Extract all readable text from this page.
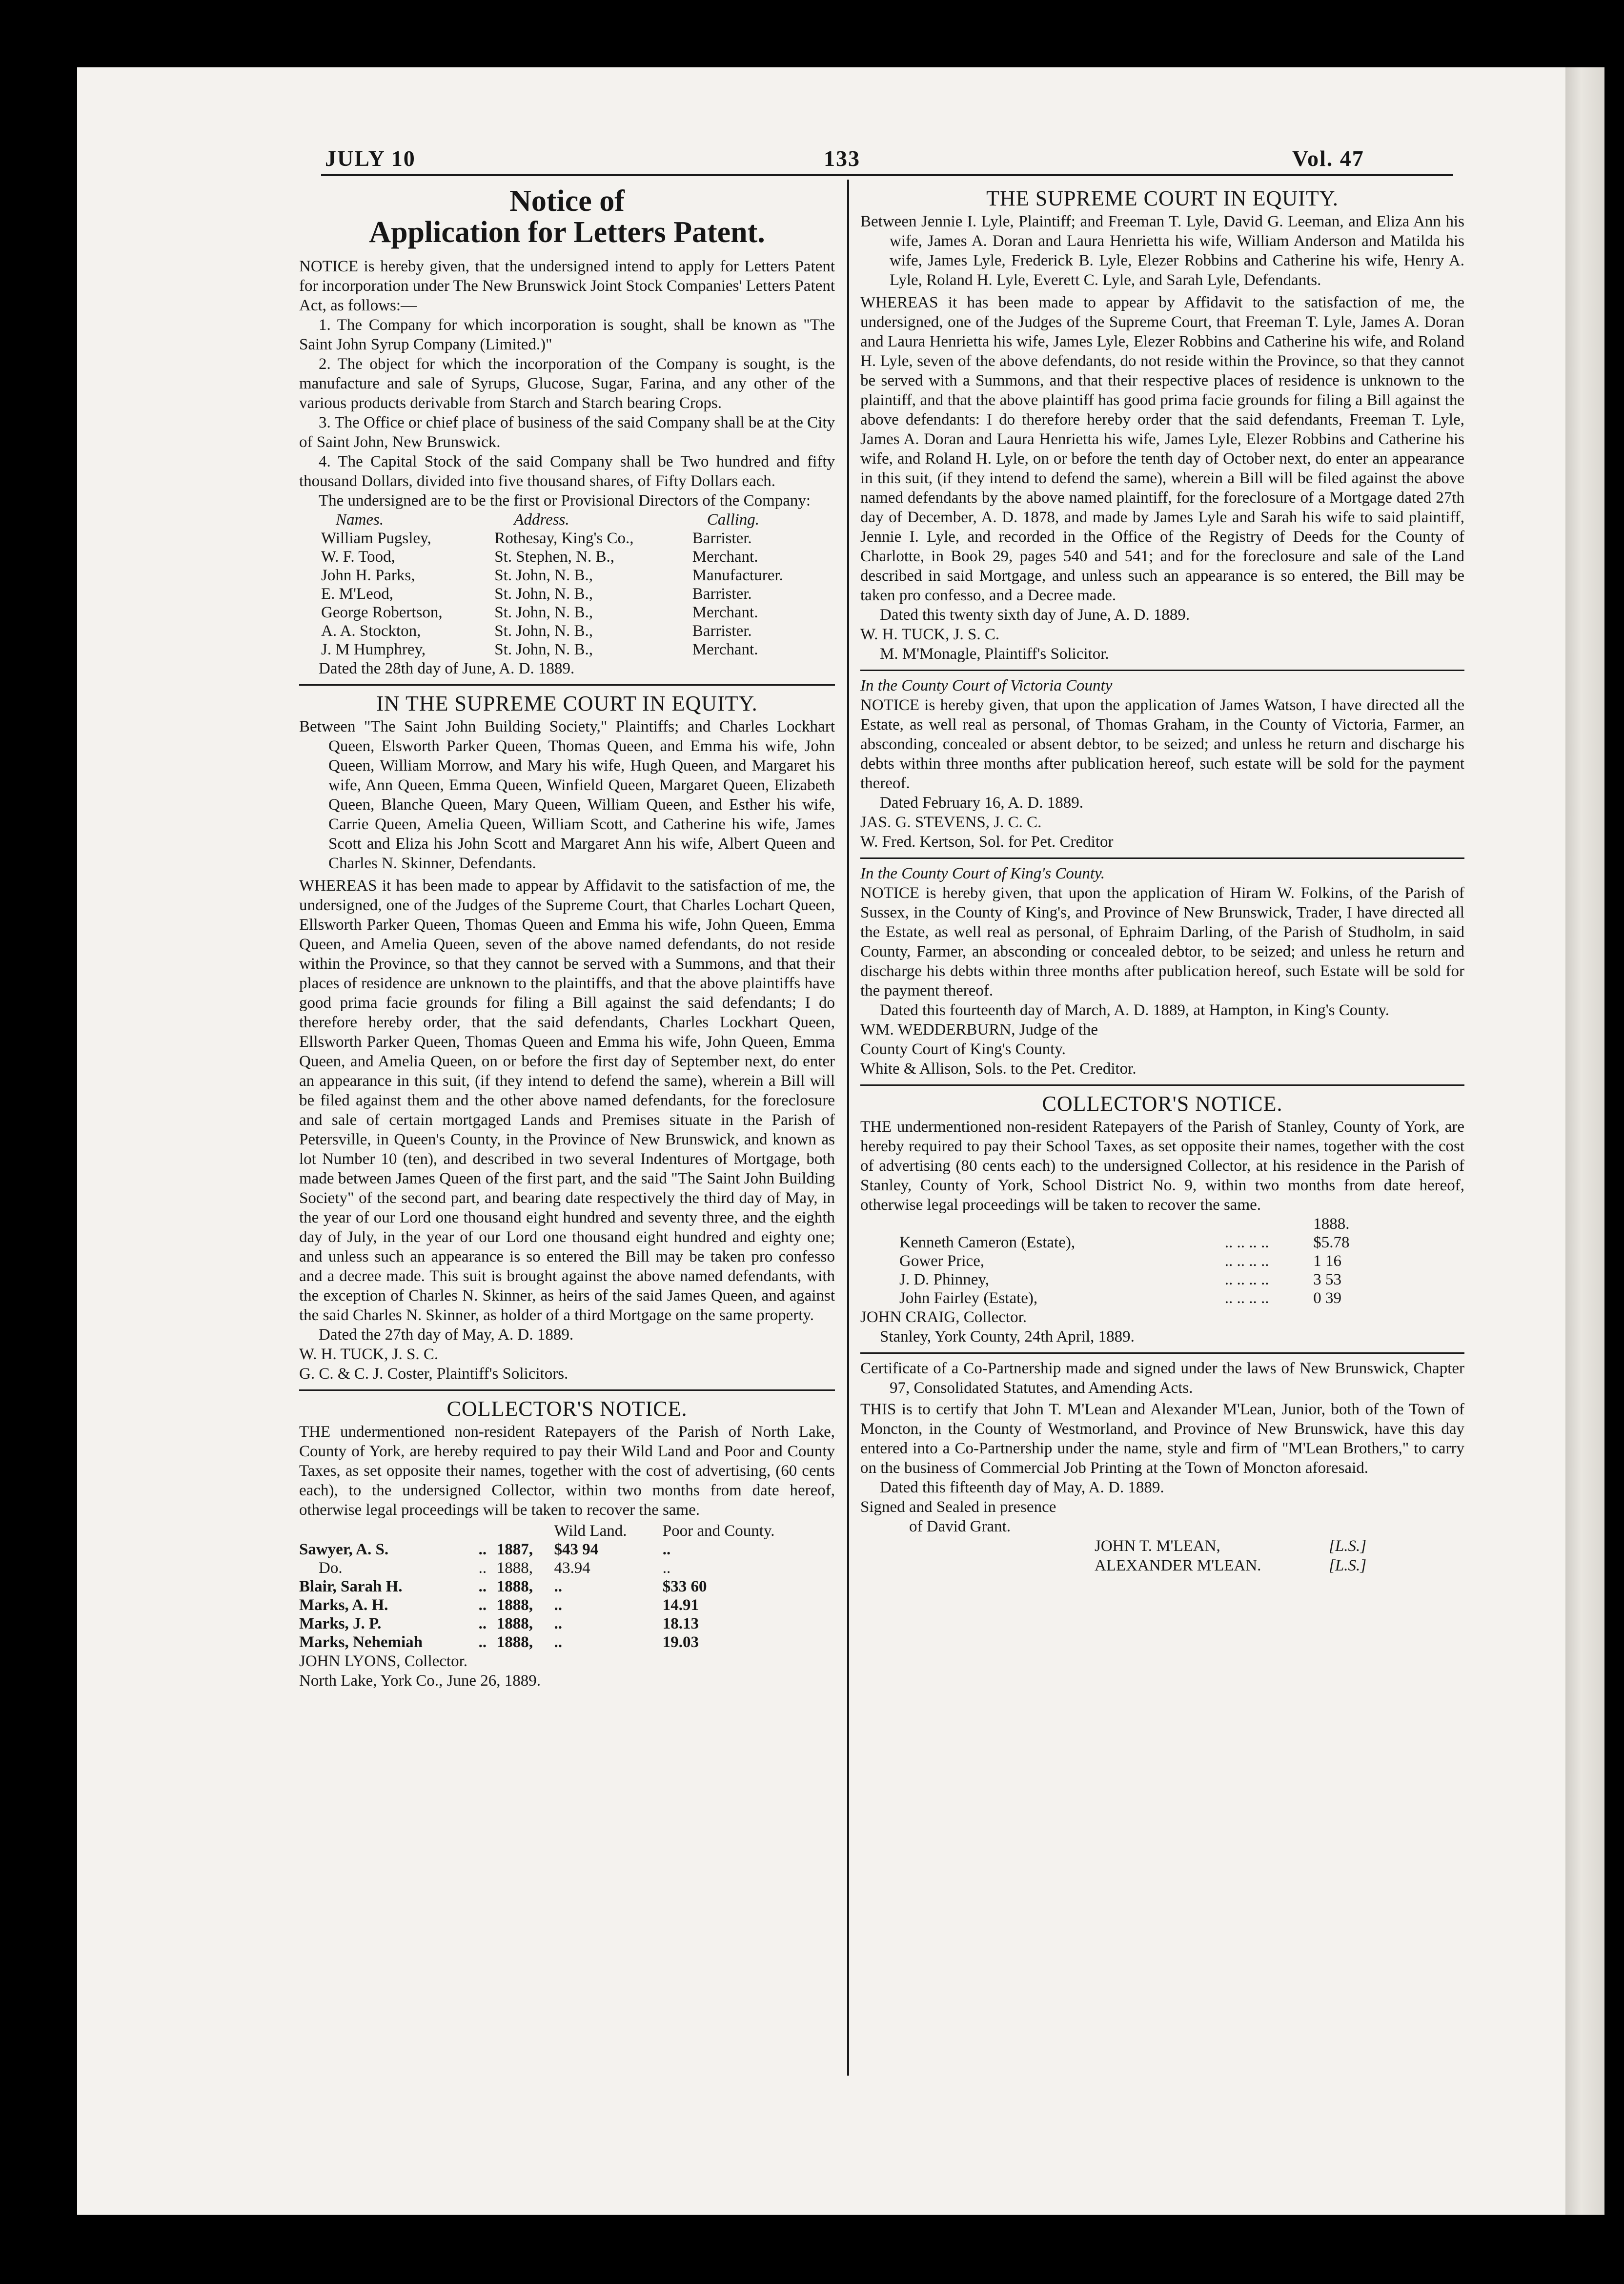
JULY 10	133	Vol. 47
Notice of
Application for Letters Patent.

NOTICE is hereby given, that the undersigned intend to apply for Letters Patent for incorporation under The New Brunswick Joint Stock Companies' Letters Patent Act, as follows:—

1. The Company for which incorporation is sought, shall be known as "The Saint John Syrup Company (Limited.)"

2. The object for which the incorporation of the Company is sought, is the manufacture and sale of Syrups, Glucose, Sugar, Farina, and any other of the various products derivable from Starch and Starch bearing Crops.

3. The Office or chief place of business of the said Company shall be at the City of Saint John, New Brunswick.

4. The Capital Stock of the said Company shall be Two hundred and fifty thousand Dollars, divided into five thousand shares, of Fifty Dollars each.

The undersigned are to be the first or Provisional Directors of the Company:

Names.	Address.	Calling.
William Pugsley,	Rothesay, King's Co.,	Barrister.
W. F. Tood,	St. Stephen, N. B.,	Merchant.
John H. Parks,	St. John, N. B.,	Manufacturer.
E. M'Leod,	St. John, N. B.,	Barrister.
George Robertson,	St. John, N. B.,	Merchant.
A. A. Stockton,	St. John, N. B.,	Barrister.
J. M Humphrey,	St. John, N. B.,	Merchant.

Dated the 28th day of June, A. D. 1889.

IN THE SUPREME COURT IN EQUITY.

Between "The Saint John Building Society," Plaintiffs; and Charles Lockhart Queen, Elsworth Parker Queen, Thomas Queen, and Emma his wife, John Queen, William Morrow, and Mary his wife, Hugh Queen, and Margaret his wife, Ann Queen, Emma Queen, Winfield Queen, Margaret Queen, Elizabeth Queen, Blanche Queen, Mary Queen, William Queen, and Esther his wife, Carrie Queen, Amelia Queen, William Scott, and Catherine his wife, James Scott and Eliza his John Scott and Margaret Ann his wife, Albert Queen and Charles N. Skinner, Defendants.

WHEREAS it has been made to appear by Affidavit to the satisfaction of me, the undersigned, one of the Judges of the Supreme Court, that Charles Lochart Queen, Ellsworth Parker Queen, Thomas Queen and Emma his wife, John Queen, Emma Queen, and Amelia Queen, seven of the above named defendants, do not reside within the Province, so that they cannot be served with a Summons, and that their places of residence are unknown to the plaintiffs, and that the above plaintiffs have good prima facie grounds for filing a Bill against the said defendants; I do therefore hereby order, that the said defendants, Charles Lockhart Queen, Ellsworth Parker Queen, Thomas Queen and Emma his wife, John Queen, Emma Queen, and Amelia Queen, on or before the first day of September next, do enter an appearance in this suit, (if they intend to defend the same), wherein a Bill will be filed against them and the other above named defendants, for the foreclosure and sale of certain mortgaged Lands and Premises situate in the Parish of Petersville, in Queen's County, in the Province of New Brunswick, and known as lot Number 10 (ten), and described in two several Indentures of Mortgage, both made between James Queen of the first part, and the said "The Saint John Building Society" of the second part, and bearing date respectively the third day of May, in the year of our Lord one thousand eight hundred and seventy three, and the eighth day of July, in the year of our Lord one thousand eight hundred and eighty one; and unless such an appearance is so entered the Bill may be taken pro confesso and a decree made. This suit is brought against the above named defendants, with the exception of Charles N. Skinner, as heirs of the said James Queen, and against the said Charles N. Skinner, as holder of a third Mortgage on the same property.

Dated the 27th day of May, A. D. 1889.

W. H. TUCK, J. S. C.

G. C. & C. J. Coster, Plaintiff's Solicitors.

COLLECTOR'S NOTICE.

THE undermentioned non-resident Ratepayers of the Parish of North Lake, County of York, are hereby required to pay their Wild Land and Poor and County Taxes, as set opposite their names, together with the cost of advertising, (60 cents each), to the undersigned Collector, within two months from date hereof, otherwise legal proceedings will be taken to recover the same.

			Wild Land.	Poor and County.
Sawyer, A. S.	..	1887,	$43 94	..
Do.	..	1888,	43.94	..
Blair, Sarah H.	..	1888,	..	$33 60
Marks, A. H.	..	1888,	..	14.91
Marks, J. P.	..	1888,	..	18.13
Marks, Nehemiah	..	1888,	..	19.03

JOHN LYONS, Collector.

North Lake, York Co., June 26, 1889.

THE SUPREME COURT IN EQUITY.

Between Jennie I. Lyle, Plaintiff; and Freeman T. Lyle, David G. Leeman, and Eliza Ann his wife, James A. Doran and Laura Henrietta his wife, William Anderson and Matilda his wife, James Lyle, Frederick B. Lyle, Elezer Robbins and Catherine his wife, Henry A. Lyle, Roland H. Lyle, Everett C. Lyle, and Sarah Lyle, Defendants.

WHEREAS it has been made to appear by Affidavit to the satisfaction of me, the undersigned, one of the Judges of the Supreme Court, that Freeman T. Lyle, James A. Doran and Laura Henrietta his wife, James Lyle, Elezer Robbins and Catherine his wife, and Roland H. Lyle, seven of the above defendants, do not reside within the Province, so that they cannot be served with a Summons, and that their respective places of residence is unknown to the plaintiff, and that the above plaintiff has good prima facie grounds for filing a Bill against the above defendants: I do therefore hereby order that the said defendants, Freeman T. Lyle, James A. Doran and Laura Henrietta his wife, James Lyle, Elezer Robbins and Catherine his wife, and Roland H. Lyle, on or before the tenth day of October next, do enter an appearance in this suit, (if they intend to defend the same), wherein a Bill will be filed against the above named defendants by the above named plaintiff, for the foreclosure of a Mortgage dated 27th day of December, A. D. 1878, and made by James Lyle and Sarah his wife to said plaintiff, Jennie I. Lyle, and recorded in the Office of the Registry of Deeds for the County of Charlotte, in Book 29, pages 540 and 541; and for the foreclosure and sale of the Land described in said Mortgage, and unless such an appearance is so entered, the Bill may be taken pro confesso, and a Decree made.

Dated this twenty sixth day of June, A. D. 1889.

W. H. TUCK, J. S. C.

M. M'Monagle, Plaintiff's Solicitor.

In the County Court of Victoria County

NOTICE is hereby given, that upon the application of James Watson, I have directed all the Estate, as well real as personal, of Thomas Graham, in the County of Victoria, Farmer, an absconding, concealed or absent debtor, to be seized; and unless he return and discharge his debts within three months after publication hereof, such estate will be sold for the payment thereof.

Dated February 16, A. D. 1889.

JAS. G. STEVENS, J. C. C.

W. Fred. Kertson, Sol. for Pet. Creditor

In the County Court of King's County.

NOTICE is hereby given, that upon the application of Hiram W. Folkins, of the Parish of Sussex, in the County of King's, and Province of New Brunswick, Trader, I have directed all the Estate, as well real as personal, of Ephraim Darling, of the Parish of Studholm, in said County, Farmer, an absconding or concealed debtor, to be seized; and unless he return and discharge his debts within three months after publication hereof, such Estate will be sold for the payment thereof.

Dated this fourteenth day of March, A. D. 1889, at Hampton, in King's County.

WM. WEDDERBURN, Judge of the

County Court of King's County.

White & Allison, Sols. to the Pet. Creditor.

COLLECTOR'S NOTICE.

THE undermentioned non-resident Ratepayers of the Parish of Stanley, County of York, are hereby required to pay their School Taxes, as set opposite their names, together with the cost of advertising (80 cents each) to the undersigned Collector, at his residence in the Parish of Stanley, County of York, School District No. 9, within two months from date hereof, otherwise legal proceedings will be taken to recover the same.

		1888.
Kenneth Cameron (Estate),	.. .. .. ..	$5.78
Gower Price,	.. .. .. ..	1 16
J. D. Phinney,	.. .. .. ..	3 53
John Fairley (Estate),	.. .. .. ..	0 39

JOHN CRAIG, Collector.

Stanley, York County, 24th April, 1889.

Certificate of a Co-Partnership made and signed under the laws of New Brunswick, Chapter 97, Consolidated Statutes, and Amending Acts.

THIS is to certify that John T. M'Lean and Alexander M'Lean, Junior, both of the Town of Moncton, in the County of Westmorland, and Province of New Brunswick, have this day entered into a Co-Partnership under the name, style and firm of "M'Lean Brothers," to carry on the business of Commercial Job Printing at the Town of Moncton aforesaid.

Dated this fifteenth day of May, A. D. 1889.

Signed and Sealed in presence

of David Grant.

JOHN T. M'LEAN,	[L.S.]
ALEXANDER M'LEAN.	[L.S.]
